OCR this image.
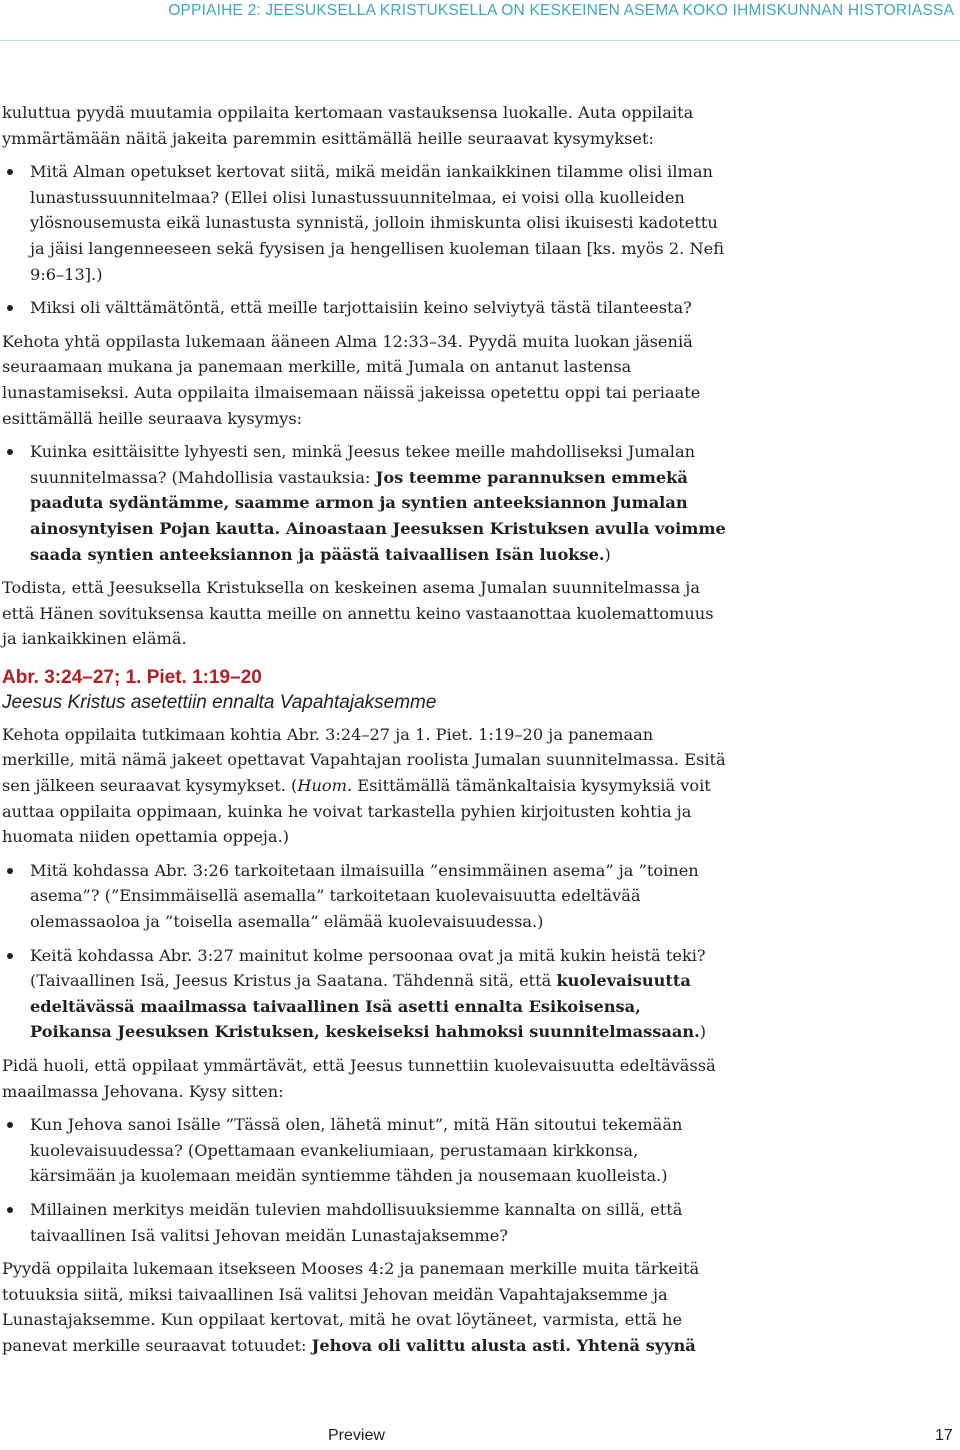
OPPIAIHE 2: JEESUKSELLA KRISTUKSELLA ON KESKEINEN ASEMA KOKO IHMISKUNNAN HISTORIASSA

kuluttua pyydä muutamia oppilaita kertomaan vastauksensa luokalle. Auta oppilaita ymmärtämään näitä jakeita paremmin esittämällä heille seuraavat kysymykset:

Mitä Alman opetukset kertovat siitä, mikä meidän iankaikkinen tilamme olisi ilman lunastussuunnitelmaa? (Ellei olisi lunastussuunnitelmaa, ei voisi olla kuolleiden ylösnousemusta eikä lunastusta synnistä, jolloin ihmiskunta olisi ikuisesti kadotettu ja jäisi langenneeseen sekä fyysisen ja hengellisen kuoleman tilaan [ks. myös 2. Nefi 9:6–13].)
Miksi oli välttämätöntä, että meille tarjottaisiin keino selviytyä tästä tilanteesta?

Kehota yhtä oppilasta lukemaan ääneen Alma 12:33–34. Pyydä muita luokan jäseniä seuraamaan mukana ja panemaan merkille, mitä Jumala on antanut lastensa lunastamiseksi. Auta oppilaita ilmaisemaan näissä jakeissa opetettu oppi tai periaate esittämällä heille seuraava kysymys:

Kuinka esittäisitte lyhyesti sen, minkä Jeesus tekee meille mahdolliseksi Jumalan suunnitelmassa? (Mahdollisia vastauksia: Jos teemme parannuksen emmekä paaduta sydäntämme, saamme armon ja syntien anteeksiannon Jumalan ainosyntyisen Pojan kautta. Ainoastaan Jeesuksen Kristuksen avulla voimme saada syntien anteeksiannon ja päästä taivaallisen Isän luokse.)

Todista, että Jeesuksella Kristuksella on keskeinen asema Jumalan suunnitelmassa ja että Hänen sovituksensa kautta meille on annettu keino vastaanottaa kuolemattomuus ja iankaikkinen elämä.

Abr. 3:24–27; 1. Piet. 1:19–20
Jeesus Kristus asetettiin ennalta Vapahtajaksemme

Kehota oppilaita tutkimaan kohtia Abr. 3:24–27 ja 1. Piet. 1:19–20 ja panemaan merkille, mitä nämä jakeet opettavat Vapahtajan roolista Jumalan suunnitelmassa. Esitä sen jälkeen seuraavat kysymykset. (Huom. Esittämällä tämänkaltaisia kysymyksiä voit auttaa oppilaita oppimaan, kuinka he voivat tarkastella pyhien kirjoitusten kohtia ja huomata niiden opettamia oppeja.)

Mitä kohdassa Abr. 3:26 tarkoitetaan ilmaisuilla ”ensimmäinen asema” ja ”toinen asema”? (”Ensimmäisellä asemalla” tarkoitetaan kuolevaisuutta edeltävää olemassaoloa ja ”toisella asemalla” elämää kuolevaisuudessa.)
Keitä kohdassa Abr. 3:27 mainitut kolme persoonaa ovat ja mitä kukin heistä teki? (Taivaallinen Isä, Jeesus Kristus ja Saatana. Tähdennä sitä, että kuolevaisuutta edeltävässä maailmassa taivaallinen Isä asetti ennalta Esikoisensa, Poikansa Jeesuksen Kristuksen, keskeiseksi hahmoksi suunnitelmassaan.)

Pidä huoli, että oppilaat ymmärtävät, että Jeesus tunnettiin kuolevaisuutta edeltävässä maailmassa Jehovana. Kysy sitten:

Kun Jehova sanoi Isälle ”Tässä olen, lähetä minut”, mitä Hän sitoutui tekemään kuolevaisuudessa? (Opettamaan evankeliumiaan, perustamaan kirkkonsa, kärsimään ja kuolemaan meidän syntiemme tähden ja nousemaan kuolleista.)
Millainen merkitys meidän tulevien mahdollisuuksiemme kannalta on sillä, että taivaallinen Isä valitsi Jehovan meidän Lunastajaksemme?

Pyydä oppilaita lukemaan itsekseen Mooses 4:2 ja panemaan merkille muita tärkeitä totuuksia siitä, miksi taivaallinen Isä valitsi Jehovan meidän Vapahtajaksemme ja Lunastajaksemme. Kun oppilaat kertovat, mitä he ovat löytäneet, varmista, että he panevat merkille seuraavat totuudet: Jehova oli valittu alusta asti. Yhtenä syynä

Preview	17
